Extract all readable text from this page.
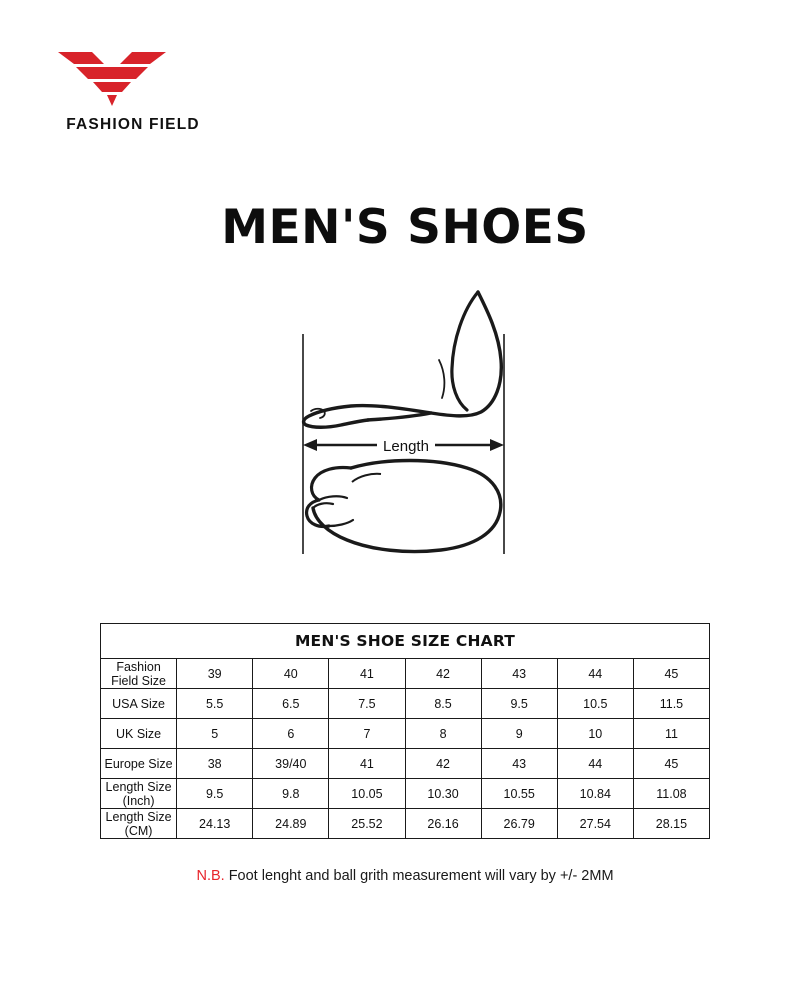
FASHION FIELD
MEN'S SHOES
Length
MEN'S SHOE SIZE CHART							
Fashion Field Size	39	40	41	42	43	44	45
USA Size	5.5	6.5	7.5	8.5	9.5	10.5	11.5
UK Size	5	6	7	8	9	10	11
Europe Size	38	39/40	41	42	43	44	45
Length Size (Inch)	9.5	9.8	10.05	10.30	10.55	10.84	11.08
Length Size (CM)	24.13	24.89	25.52	26.16	26.79	27.54	28.15
N.B. Foot lenght and ball grith measurement will vary by +/- 2MM
